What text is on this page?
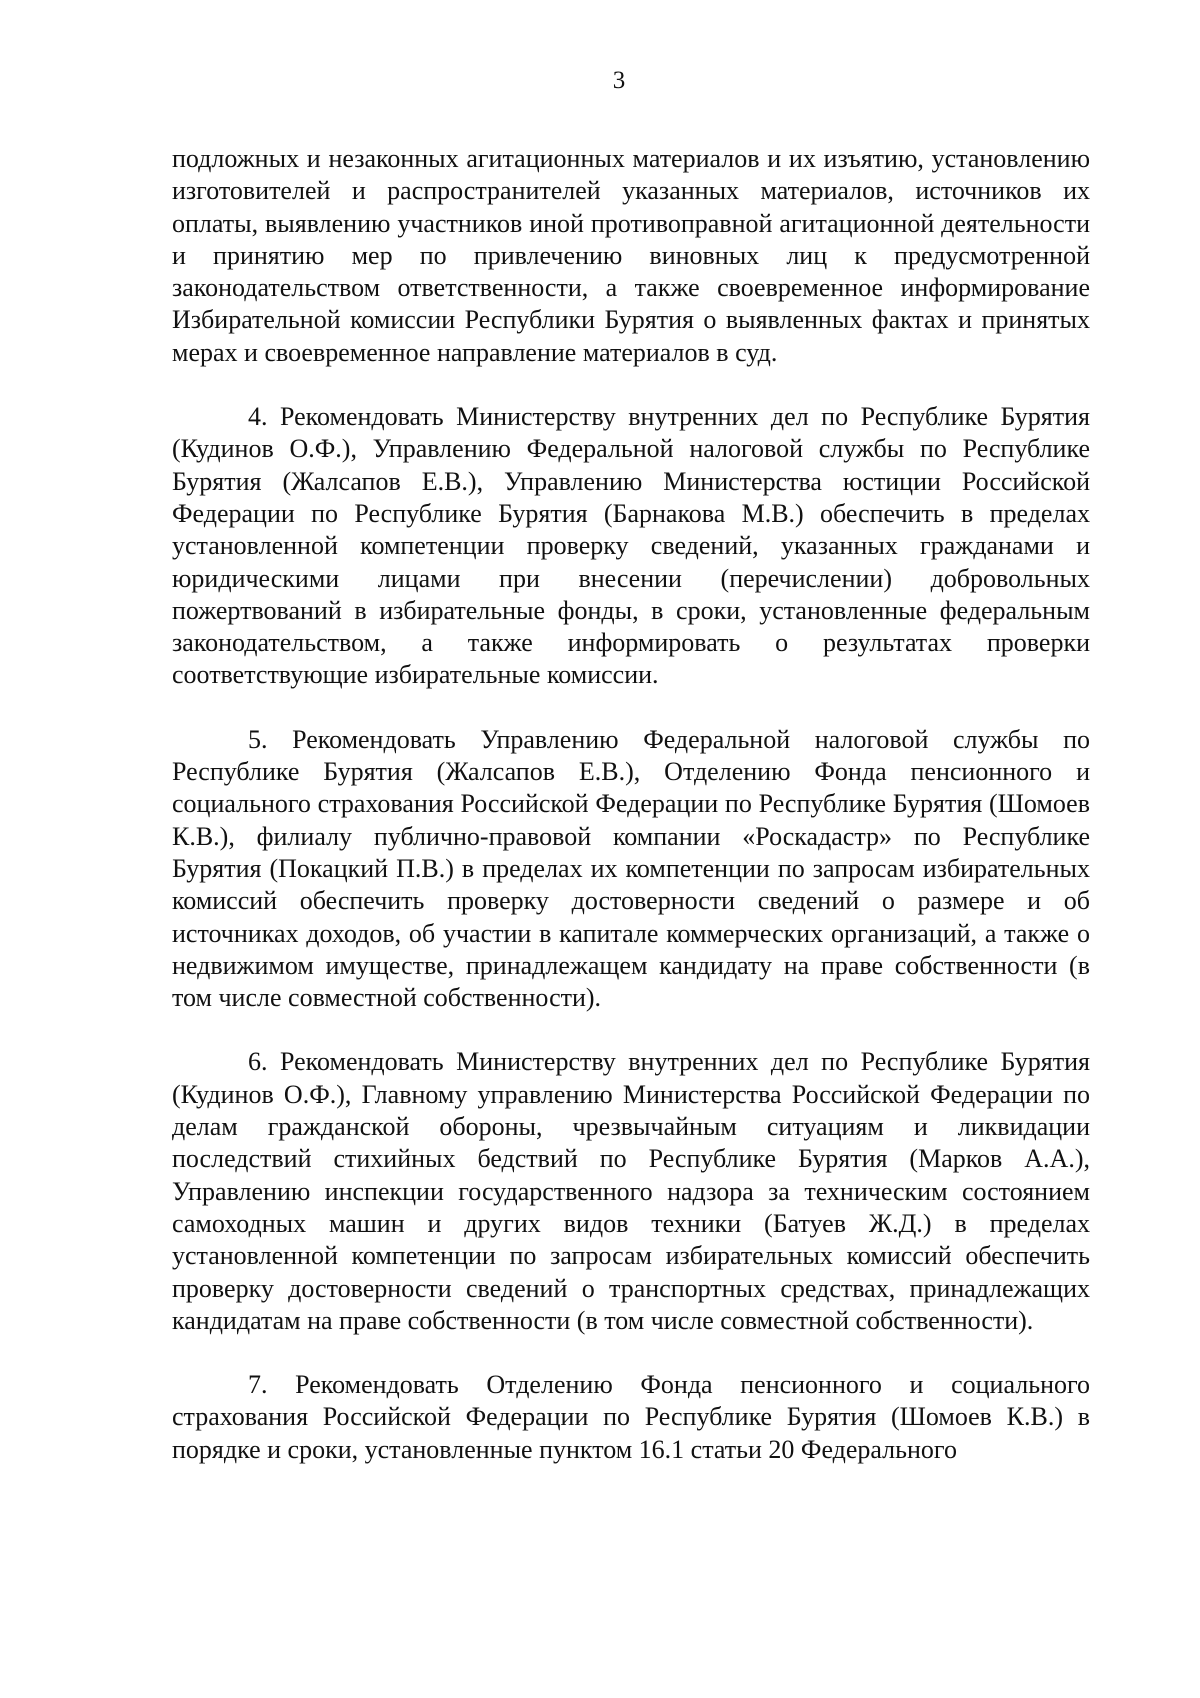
3

подложных и незаконных агитационных материалов и их изъятию, установлению изготовителей и распространителей указанных материалов, источников их оплаты, выявлению участников иной противоправной агитационной деятельности и принятию мер по привлечению виновных лиц к предусмотренной законодательством ответственности, а также своевременное информирование Избирательной комиссии Республики Бурятия о выявленных фактах и принятых мерах и своевременное направление материалов в суд.

4. Рекомендовать Министерству внутренних дел по Республике Бурятия (Кудинов О.Ф.), Управлению Федеральной налоговой службы по Республике Бурятия (Жалсапов Е.В.), Управлению Министерства юстиции Российской Федерации по Республике Бурятия (Барнакова М.В.) обеспечить в пределах установленной компетенции проверку сведений, указанных гражданами и юридическими лицами при внесении (перечислении) добровольных пожертвований в избирательные фонды, в сроки, установленные федеральным законодательством, а также информировать о результатах проверки соответствующие избирательные комиссии.

5. Рекомендовать Управлению Федеральной налоговой службы по Республике Бурятия (Жалсапов Е.В.), Отделению Фонда пенсионного и социального страхования Российской Федерации по Республике Бурятия (Шомоев К.В.), филиалу публично-правовой компании «Роскадастр» по Республике Бурятия (Покацкий П.В.) в пределах их компетенции по запросам избирательных комиссий обеспечить проверку достоверности сведений о размере и об источниках доходов, об участии в капитале коммерческих организаций, а также о недвижимом имуществе, принадлежащем кандидату на праве собственности (в том числе совместной собственности).

6. Рекомендовать Министерству внутренних дел по Республике Бурятия (Кудинов О.Ф.), Главному управлению Министерства Российской Федерации по делам гражданской обороны, чрезвычайным ситуациям и ликвидации последствий стихийных бедствий по Республике Бурятия (Марков А.А.), Управлению инспекции государственного надзора за техническим состоянием самоходных машин и других видов техники (Батуев Ж.Д.) в пределах установленной компетенции по запросам избирательных комиссий обеспечить проверку достоверности сведений о транспортных средствах, принадлежащих кандидатам на праве собственности (в том числе совместной собственности).

7. Рекомендовать Отделению Фонда пенсионного и социального страхования Российской Федерации по Республике Бурятия (Шомоев К.В.) в порядке и сроки, установленные пунктом 16.1 статьи 20 Федерального
